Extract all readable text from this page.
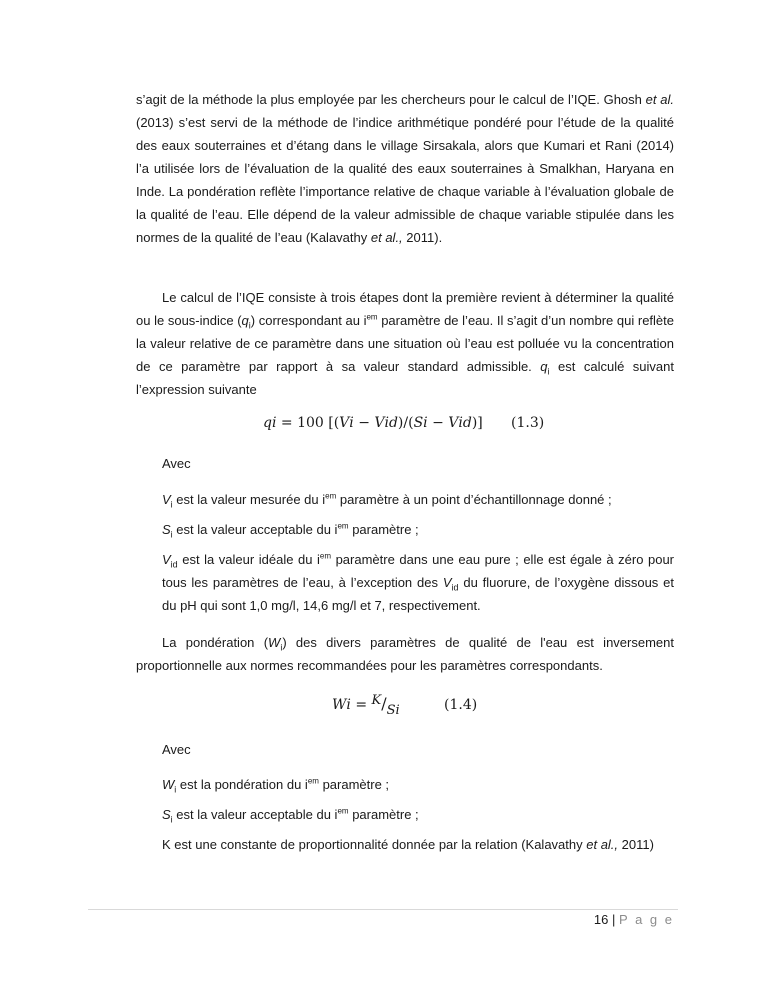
s’agit de la méthode la plus employée par les chercheurs pour le calcul de l’IQE. Ghosh et al. (2013) s’est servi de la méthode de l’indice arithmétique pondéré pour l’étude de la qualité des eaux souterraines et d’étang dans le village Sirsakala, alors que Kumari et Rani (2014) l’a utilisée lors de l’évaluation de la qualité des eaux souterraines à Smalkhan, Haryana en Inde. La pondération reflète l’importance relative de chaque variable à l’évaluation globale de la qualité de l’eau. Elle dépend de la valeur admissible de chaque variable stipulée dans les normes de la qualité de l’eau (Kalavathy et al., 2011).
Le calcul de l’IQE consiste à trois étapes dont la première revient à déterminer la qualité ou le sous-indice $(q_i)$ correspondant au $i^{em}$ paramètre de l’eau. Il s’agit d’un nombre qui reflète la valeur relative de ce paramètre dans une situation où l’eau est polluée vu la concentration de ce paramètre par rapport à sa valeur standard admissible. $q_i$ est calculé suivant l’expression suivante
𝑞𝑖 = 100 [(𝑉𝑖 − 𝑉𝑖𝑑)/(𝑆𝑖 − 𝑉𝑖𝑑)] (1.3)
Avec
$V_i$ est la valeur mesurée du $i^{em}$ paramètre à un point d’échantillonnage donné ;
$S_i$ est la valeur acceptable du $i^{em}$ paramètre ;
$V_{id}$ est la valeur idéale du $i^{em}$ paramètre dans une eau pure ; elle est égale à zéro pour tous les paramètres de l’eau, à l’exception des $V_{id}$ du fluorure, de l’oxygène dissous et du pH qui sont 1,0 mg/l, 14,6 mg/l et 7, respectivement.
La pondération $(W_i)$ des divers paramètres de qualité de l'eau est inversement proportionnelle aux normes recommandées pour les paramètres correspondants.
𝑊𝑖 = 𝐾/𝑆𝑖	(1.4)
Avec
$W_i$ est la pondération du $i^{em}$ paramètre ;
$S_i$ est la valeur acceptable du $i^{em}$ paramètre ;
K est une constante de proportionnalité donnée par la relation (Kalavathy et al., 2011)
16 | P a g e
